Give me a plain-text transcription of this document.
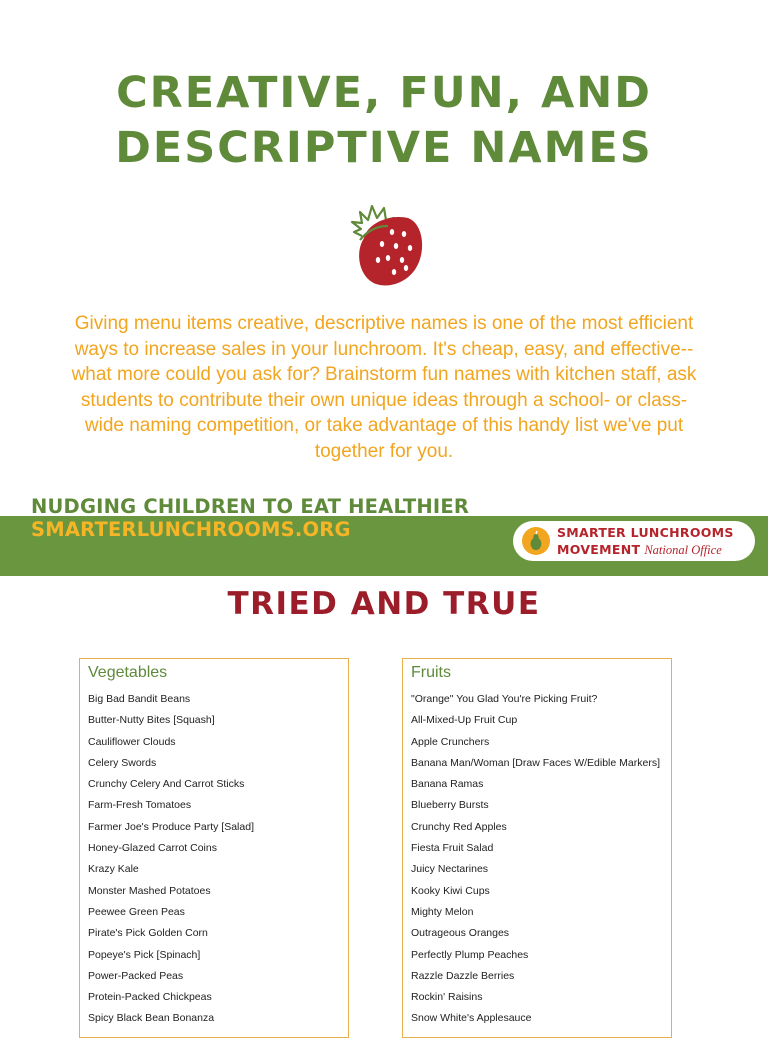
CREATIVE, FUN, AND
DESCRIPTIVE NAMES

Giving menu items creative, descriptive names is one of the most efficient ways to increase sales in your lunchroom. It's cheap, easy, and effective-- what more could you ask for? Brainstorm fun names with kitchen staff, ask students to contribute their own unique ideas through a school- or class-wide naming competition, or take advantage of this handy list we've put together for you.

NUDGING CHILDREN TO EAT HEALTHIER

SMARTERLUNCHROOMS.ORG	SMARTER LUNCHROOMS
MOVEMENT National Office
TRIED AND TRUE
Vegetables
Big Bad Bandit Beans
Butter-Nutty Bites [Squash]
Cauliflower Clouds
Celery Swords
Crunchy Celery And Carrot Sticks
Farm-Fresh Tomatoes
Farmer Joe's Produce Party [Salad]
Honey-Glazed Carrot Coins
Krazy Kale
Monster Mashed Potatoes
Peewee Green Peas
Pirate's Pick Golden Corn
Popeye's Pick [Spinach]
Power-Packed Peas
Protein-Packed Chickpeas
Spicy Black Bean Bonanza
Fruits
"Orange" You Glad You're Picking Fruit?
All-Mixed-Up Fruit Cup
Apple Crunchers
Banana Man/Woman [Draw Faces W/Edible Markers]
Banana Ramas
Blueberry Bursts
Crunchy Red Apples
Fiesta Fruit Salad
Juicy Nectarines
Kooky Kiwi Cups
Mighty Melon
Outrageous Oranges
Perfectly Plump Peaches
Razzle Dazzle Berries
Rockin' Raisins
Snow White's Applesauce
